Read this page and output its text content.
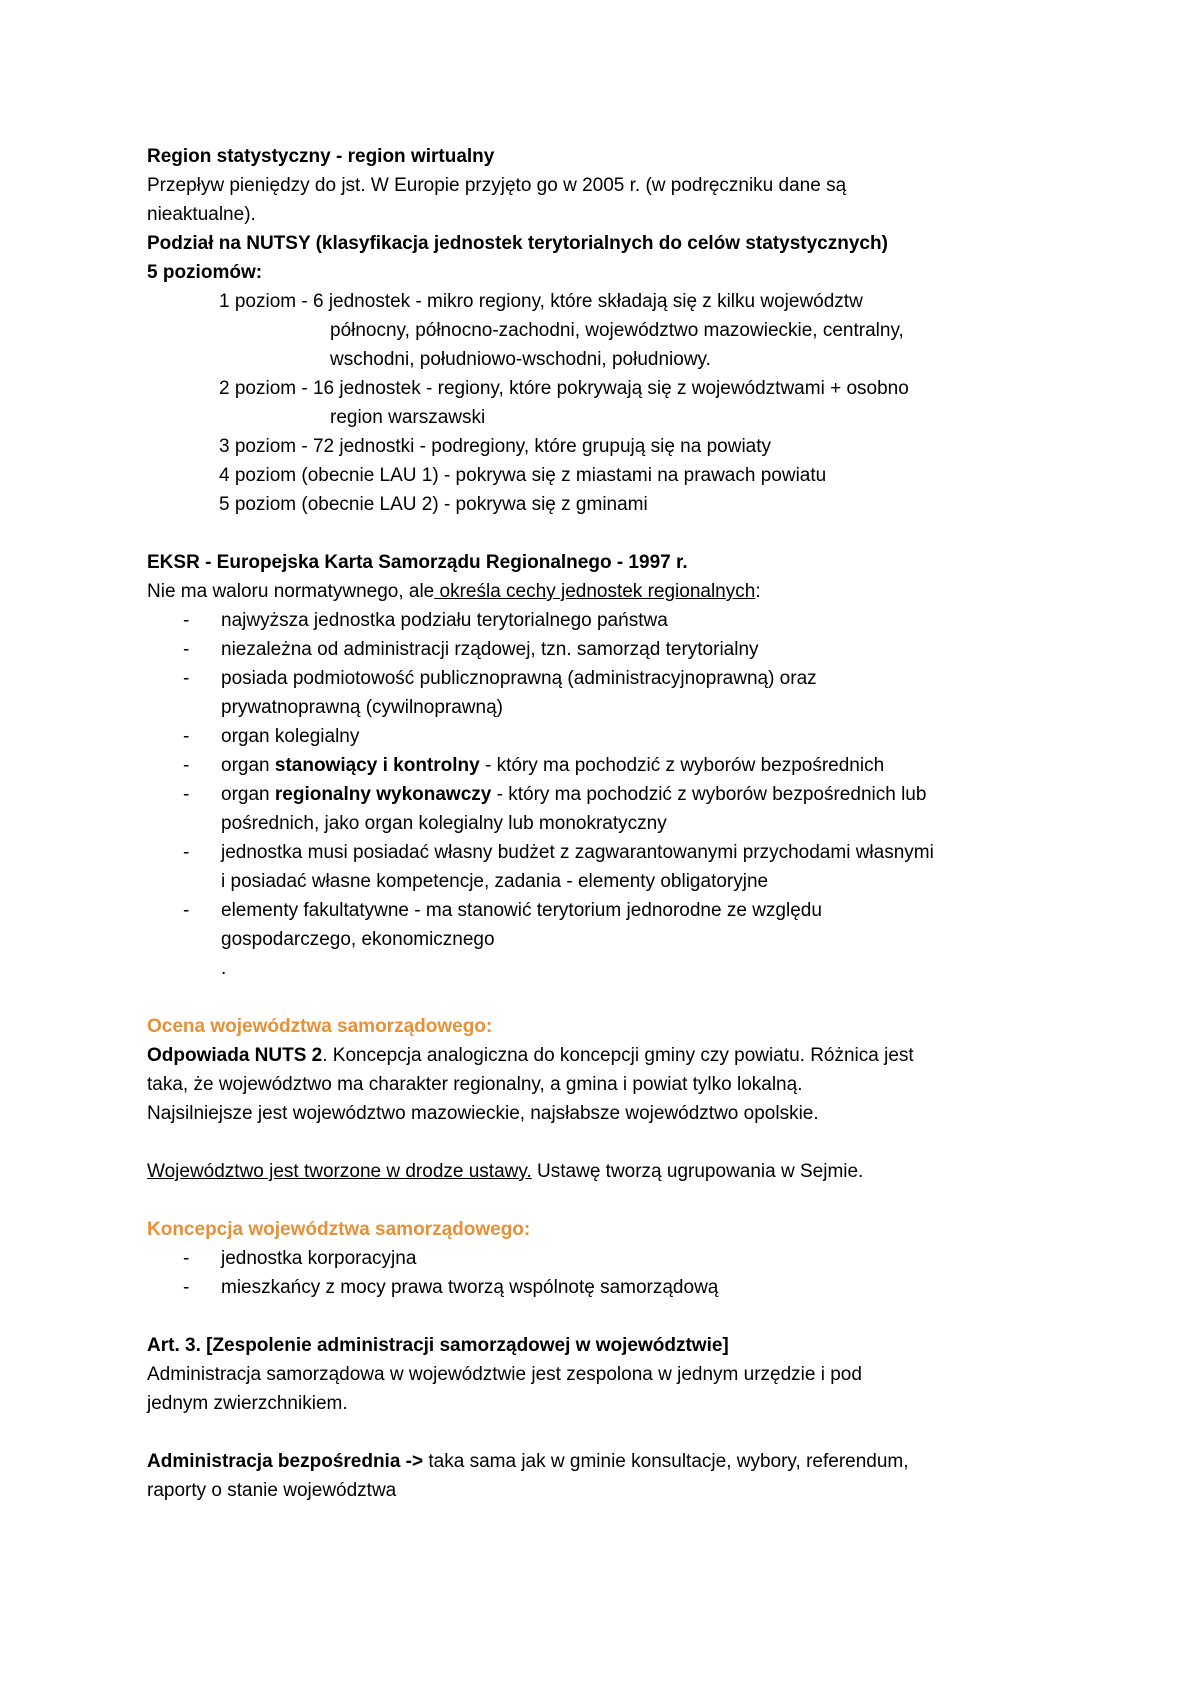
Region statystyczny - region wirtualny
Przepływ pieniędzy do jst. W Europie przyjęto go w 2005 r. (w podręczniku dane są
nieaktualne).
Podział na NUTSY (klasyfikacja jednostek terytorialnych do celów statystycznych)
5 poziomów:
1 poziom - 6 jednostek - mikro regiony, które składają się z kilku województw
północny, północno-zachodni, województwo mazowieckie, centralny,
wschodni, południowo-wschodni, południowy.
2 poziom - 16 jednostek - regiony, które pokrywają się z województwami + osobno
region warszawski
3 poziom - 72 jednostki - podregiony, które grupują się na powiaty
4 poziom (obecnie LAU 1) - pokrywa się z miastami na prawach powiatu
5 poziom (obecnie LAU 2) - pokrywa się z gminami
EKSR - Europejska Karta Samorządu Regionalnego - 1997 r.
Nie ma waloru normatywnego, ale określa cechy jednostek regionalnych:
-	najwyższa jednostka podziału terytorialnego państwa
-	niezależna od administracji rządowej, tzn. samorząd terytorialny
-	posiada podmiotowość publicznoprawną (administracyjnoprawną) oraz
prywatnoprawną (cywilnoprawną)
-	organ kolegialny
-	organ stanowiący i kontrolny - który ma pochodzić z wyborów bezpośrednich
-	organ regionalny wykonawczy - który ma pochodzić z wyborów bezpośrednich lub
pośrednich, jako organ kolegialny lub monokratyczny
-	jednostka musi posiadać własny budżet z zagwarantowanymi przychodami własnymi
i posiadać własne kompetencje, zadania - elementy obligatoryjne
-	elementy fakultatywne - ma stanowić terytorium jednorodne ze względu
gospodarczego, ekonomicznego
.
Ocena województwa samorządowego:
Odpowiada NUTS 2. Koncepcja analogiczna do koncepcji gminy czy powiatu. Różnica jest
taka, że województwo ma charakter regionalny, a gmina i powiat tylko lokalną.
Najsilniejsze jest województwo mazowieckie, najsłabsze województwo opolskie.
Województwo jest tworzone w drodze ustawy. Ustawę tworzą ugrupowania w Sejmie.
Koncepcja województwa samorządowego:
-	jednostka korporacyjna
-	mieszkańcy z mocy prawa tworzą wspólnotę samorządową
Art. 3. [Zespolenie administracji samorządowej w województwie]
Administracja samorządowa w województwie jest zespolona w jednym urzędzie i pod
jednym zwierzchnikiem.
Administracja bezpośrednia -> taka sama jak w gminie konsultacje, wybory, referendum,
raporty o stanie województwa
